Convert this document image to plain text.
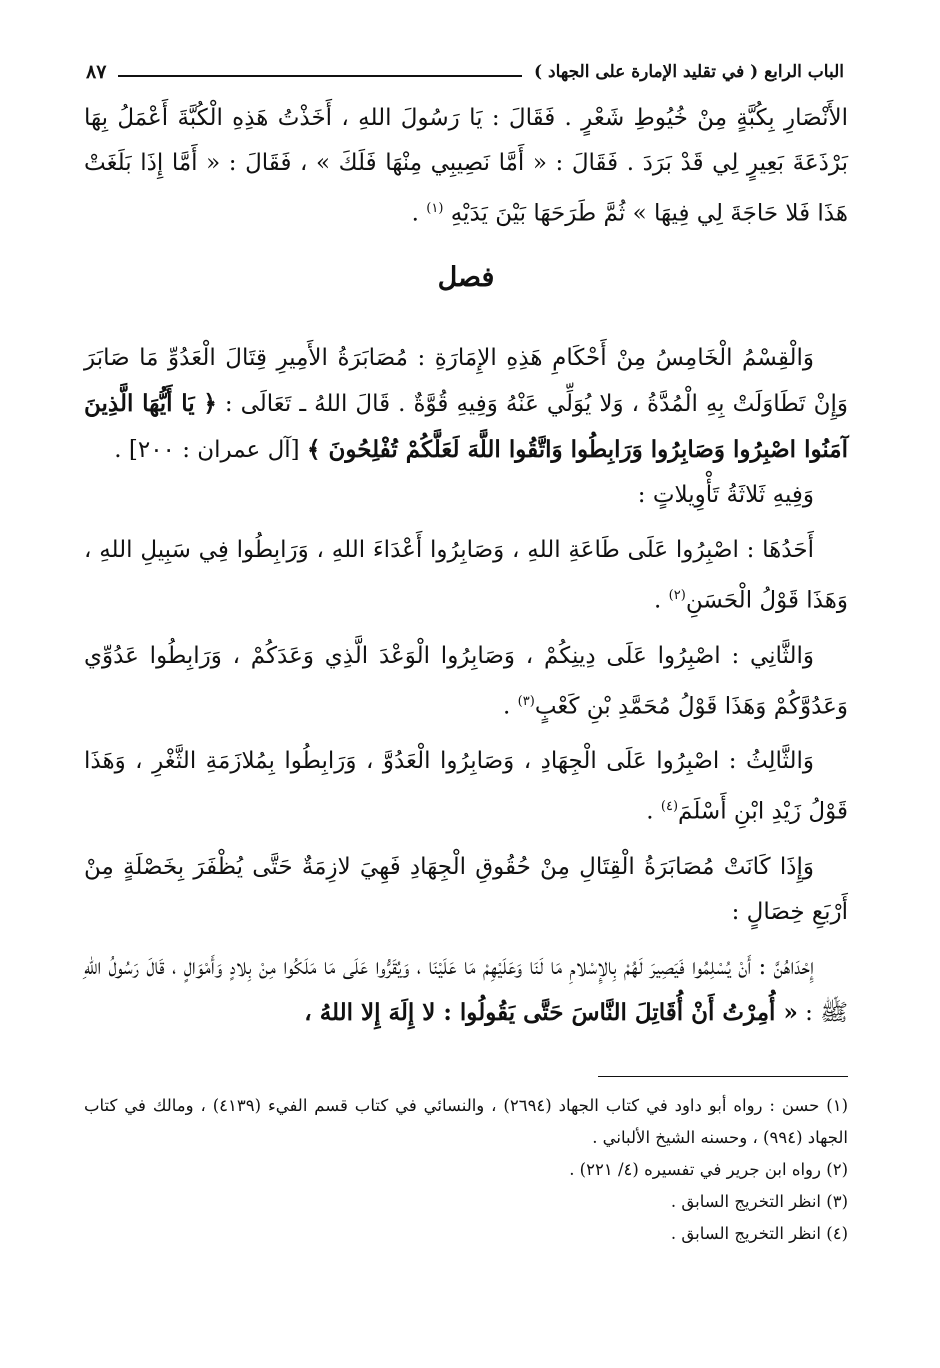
الباب الرابع ( في تقليد الإمارة على الجهاد )
٨٧

الأَنْصَارِ بِكُبَّةٍ مِنْ خُيُوطِ شَعْرٍ . فَقَالَ : يَا رَسُولَ اللهِ ، أَخَذْتُ هَذِهِ الْكُبَّةَ أَعْمَلُ بِهَا بَرْذَعَةَ بَعِيرٍ لِي قَدْ بَرَدَ . فَقَالَ : « أَمَّا نَصِيبِي مِنْهَا فَلَكَ » ، فَقَالَ : « أَمَّا إِذَا بَلَغَتْ هَذَا فَلا حَاجَةَ لِي فِيهَا » ثُمَّ طَرَحَهَا بَيْنَ يَدَيْهِ $^{(١)}$ .

فصل

وَالْقِسْمُ الْخَامِسُ مِنْ أَحْكَامِ هَذِهِ الإِمَارَةِ : مُصَابَرَةُ الأَمِيرِ قِتَالَ الْعَدُوِّ مَا صَابَرَ وَإِنْ تَطَاوَلَتْ بِهِ الْمُدَّةُ ، وَلا يُوَلِّي عَنْهُ وَفِيهِ قُوَّةٌ . قَالَ اللهُ ـ تَعَالَى : ﴿ يَا أَيُّهَا الَّذِينَ آمَنُوا اصْبِرُوا وَصَابِرُوا وَرَابِطُوا وَاتَّقُوا اللَّهَ لَعَلَّكُمْ تُفْلِحُونَ ﴾ [آل عمران : ٢٠٠] .

وَفِيهِ ثَلاثَةُ تَأْوِيلاتٍ :

أَحَدُهَا : اصْبِرُوا عَلَى طَاعَةِ اللهِ ، وَصَابِرُوا أَعْدَاءَ اللهِ ، وَرَابِطُوا فِي سَبِيلِ اللهِ ، وَهَذَا قَوْلُ الْحَسَنِ$^{(٢)}$ .

وَالثَّانِي : اصْبِرُوا عَلَى دِينِكُمْ ، وَصَابِرُوا الْوَعْدَ الَّذِي وَعَدَكُمْ ، وَرَابِطُوا عَدُوِّي وَعَدُوَّكُمْ وَهَذَا قَوْلُ مُحَمَّدِ بْنِ كَعْبٍ$^{(٣)}$ .

وَالثَّالِثُ : اصْبِرُوا عَلَى الْجِهَادِ ، وَصَابِرُوا الْعَدُوَّ ، وَرَابِطُوا بِمُلازَمَةِ الثَّغْرِ ، وَهَذَا قَوْلُ زَيْدِ ابْنِ أَسْلَمَ$^{(٤)}$ .

وَإِذَا كَانَتْ مُصَابَرَةُ الْقِتَالِ مِنْ حُقُوقِ الْجِهَادِ فَهِيَ لازِمَةٌ حَتَّى يُظْفَرَ بِخَصْلَةٍ مِنْ أَرْبَعِ خِصَالٍ :

إِحْدَاهُنَّ : أَنْ يُسْلِمُوا فَيَصِيرَ لَهُمْ بِالإِسْلامِ مَا لَنَا وَعَلَيْهِمْ مَا عَلَيْنَا ، وَيُقَرُّوا عَلَى مَا مَلَكُوا مِنْ بِلادٍ وَأَمْوَالٍ ، قَالَ رَسُولُ اللهِ ﷺ : « أُمِرْتُ أَنْ أُقَاتِلَ النَّاسَ حَتَّى يَقُولُوا : لا إِلَهَ إِلا اللهُ ،

(١) حسن : رواه أبو داود في كتاب الجهاد (٢٦٩٤) ، والنسائي في كتاب قسم الفيء (٤١٣٩) ، ومالك في كتاب الجهاد (٩٩٤) ، وحسنه الشيخ الألباني .

(٢) رواه ابن جرير في تفسيره (٤/ ٢٢١) .

(٣) انظر التخريج السابق .

(٤) انظر التخريج السابق .
